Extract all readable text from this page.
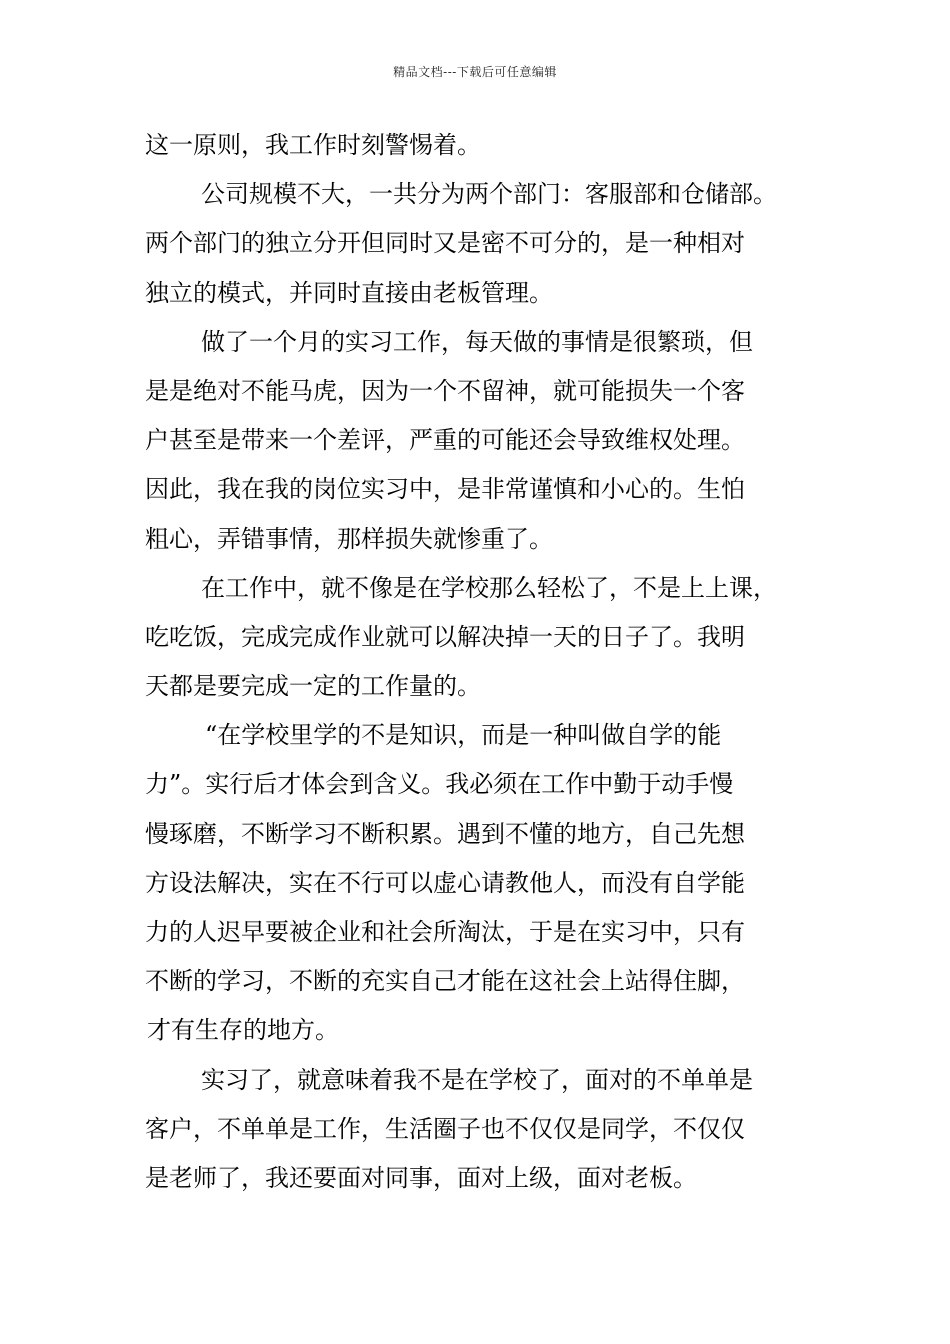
精品文档---下载后可任意编辑
这一原则，我工作时刻警惕着。
公司规模不大，一共分为两个部门：客服部和仓储部。
两个部门的独立分开但同时又是密不可分的，是一种相对
独立的模式，并同时直接由老板管理。
做了一个月的实习工作，每天做的事情是很繁琐，但
是是绝对不能马虎，因为一个不留神，就可能损失一个客
户甚至是带来一个差评，严重的可能还会导致维权处理。
因此，我在我的岗位实习中，是非常谨慎和小心的。生怕
粗心，弄错事情，那样损失就惨重了。
在工作中，就不像是在学校那么轻松了，不是上上课，
吃吃饭，完成完成作业就可以解决掉一天的日子了。我明
天都是要完成一定的工作量的。
“在学校里学的不是知识，而是一种叫做自学的能
力”。实行后才体会到含义。我必须在工作中勤于动手慢
慢琢磨，不断学习不断积累。遇到不懂的地方，自己先想
方设法解决，实在不行可以虚心请教他人，而没有自学能
力的人迟早要被企业和社会所淘汰，于是在实习中，只有
不断的学习，不断的充实自己才能在这社会上站得住脚，
才有生存的地方。
实习了，就意味着我不是在学校了，面对的不单单是
客户，不单单是工作，生活圈子也不仅仅是同学，不仅仅
是老师了，我还要面对同事，面对上级，面对老板。
